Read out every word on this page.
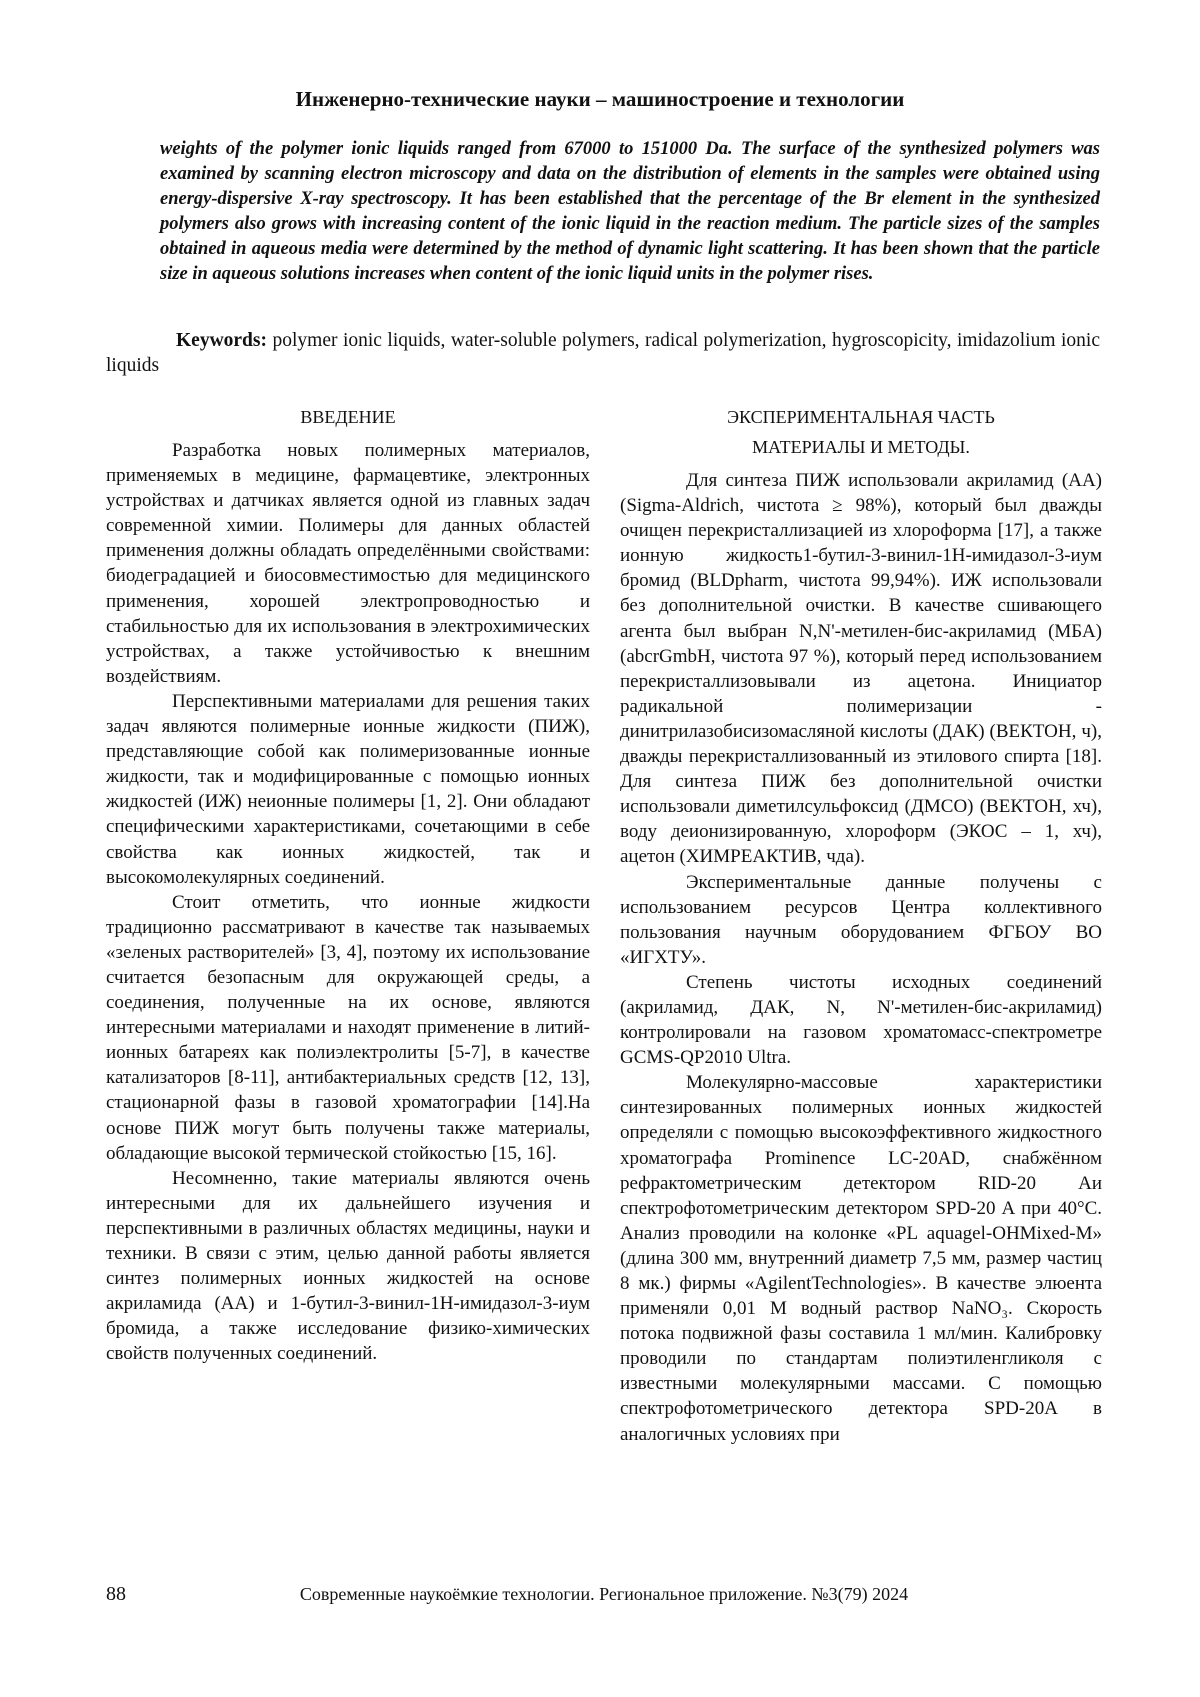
Инженерно-технические науки – машиностроение и технологии
weights of the polymer ionic liquids ranged from 67000 to 151000 Da. The surface of the synthesized polymers was examined by scanning electron microscopy and data on the distribution of elements in the samples were obtained using energy-dispersive X-ray spectroscopy. It has been established that the percentage of the Br element in the synthesized polymers also grows with increasing content of the ionic liquid in the reaction medium. The particle sizes of the samples obtained in aqueous media were determined by the method of dynamic light scattering. It has been shown that the particle size in aqueous solutions increases when content of the ionic liquid units in the polymer rises.
Keywords: polymer ionic liquids, water-soluble polymers, radical polymerization, hygroscopicity, imidazolium ionic liquids
ВВЕДЕНИЕ

Разработка новых полимерных материалов, применяемых в медицине, фармацевтике, электронных устройствах и датчиках является одной из главных задач современной химии. Полимеры для данных областей применения должны обладать определёнными свойствами: биодеградацией и биосовместимостью для медицинского применения, хорошей электропроводностью и стабильностью для их использования в электрохимических устройствах, а также устойчивостью к внешним воздействиям.

Перспективными материалами для решения таких задач являются полимерные ионные жидкости (ПИЖ), представляющие собой как полимеризованные ионные жидкости, так и модифицированные с помощью ионных жидкостей (ИЖ) неионные полимеры [1, 2]. Они обладают специфическими характеристиками, сочетающими в себе свойства как ионных жидкостей, так и высокомолекулярных соединений.

Стоит отметить, что ионные жидкости традиционно рассматривают в качестве так называемых «зеленых растворителей» [3, 4], поэтому их использование считается безопасным для окружающей среды, а соединения, полученные на их основе, являются интересными материалами и находят применение в литий-ионных батареях как полиэлектролиты [5-7], в качестве катализаторов [8-11], антибактериальных средств [12, 13], стационарной фазы в газовой хроматографии [14].На основе ПИЖ могут быть получены также материалы, обладающие высокой термической стойкостью [15, 16].

Несомненно, такие материалы являются очень интересными для их дальнейшего изучения и перспективными в различных областях медицины, науки и техники. В связи с этим, целью данной работы является синтез полимерных ионных жидкостей на основе акриламида (АА) и 1-бутил-3-винил-1Н-имидазол-3-иум бромида, а также исследование физико-химических свойств полученных соединений.

ЭКСПЕРИМЕНТАЛЬНАЯ ЧАСТЬ
МАТЕРИАЛЫ И МЕТОДЫ.

Для синтеза ПИЖ использовали акриламид (АА) (Sigma-Aldrich, чистота ≥ 98%), который был дважды очищен перекристаллизацией из хлороформа [17], а также ионную жидкость1-бутил-3-винил-1Н-имидазол-3-иум бромид (BLDpharm, чистота 99,94%). ИЖ использовали без дополнительной очистки. В качестве сшивающего агента был выбран N,N'-метилен-бис-акриламид (МБА) (abcrGmbH, чистота 97 %), который перед использованием перекристаллизовывали из ацетона. Инициатор радикальной полимеризации - динитрилазобисизомасляной кислоты (ДАК) (ВЕКТОН, ч), дважды перекристаллизованный из этилового спирта [18]. Для синтеза ПИЖ без дополнительной очистки использовали диметилсульфоксид (ДМСО) (ВЕКТОН, хч), воду деионизированную, хлороформ (ЭКОС – 1, хч), ацетон (ХИМРЕАКТИВ, чда).

Экспериментальные данные получены с использованием ресурсов Центра коллективного пользования научным оборудованием ФГБОУ ВО «ИГХТУ».

Степень чистоты исходных соединений (акриламид, ДАК, N, N'-метилен-бис-акриламид) контролировали на газовом хроматомасс-спектрометре GCMS-QP2010 Ultra.

Молекулярно-массовые характеристики синтезированных полимерных ионных жидкостей определяли с помощью высокоэффективного жидкостного хроматографа Prominence LC-20AD, снабжённом рефрактометрическим детектором RID-20 Аи спектрофотометрическим детектором SPD-20 A при 40°C. Анализ проводили на колонке «PL aquagel-OHMixed-M» (длина 300 мм, внутренний диаметр 7,5 мм, размер частиц 8 мк.) фирмы «AgilentTechnologies». В качестве элюента применяли 0,01 М водный раствор NaNO₃. Скорость потока подвижной фазы составила 1 мл/мин. Калибровку проводили по стандартам полиэтиленгликоля с известными молекулярными массами. С помощью спектрофотометрического детектора SPD-20A в аналогичных условиях при

88	Современные наукоёмкие технологии. Региональное приложение. №3(79) 2024
